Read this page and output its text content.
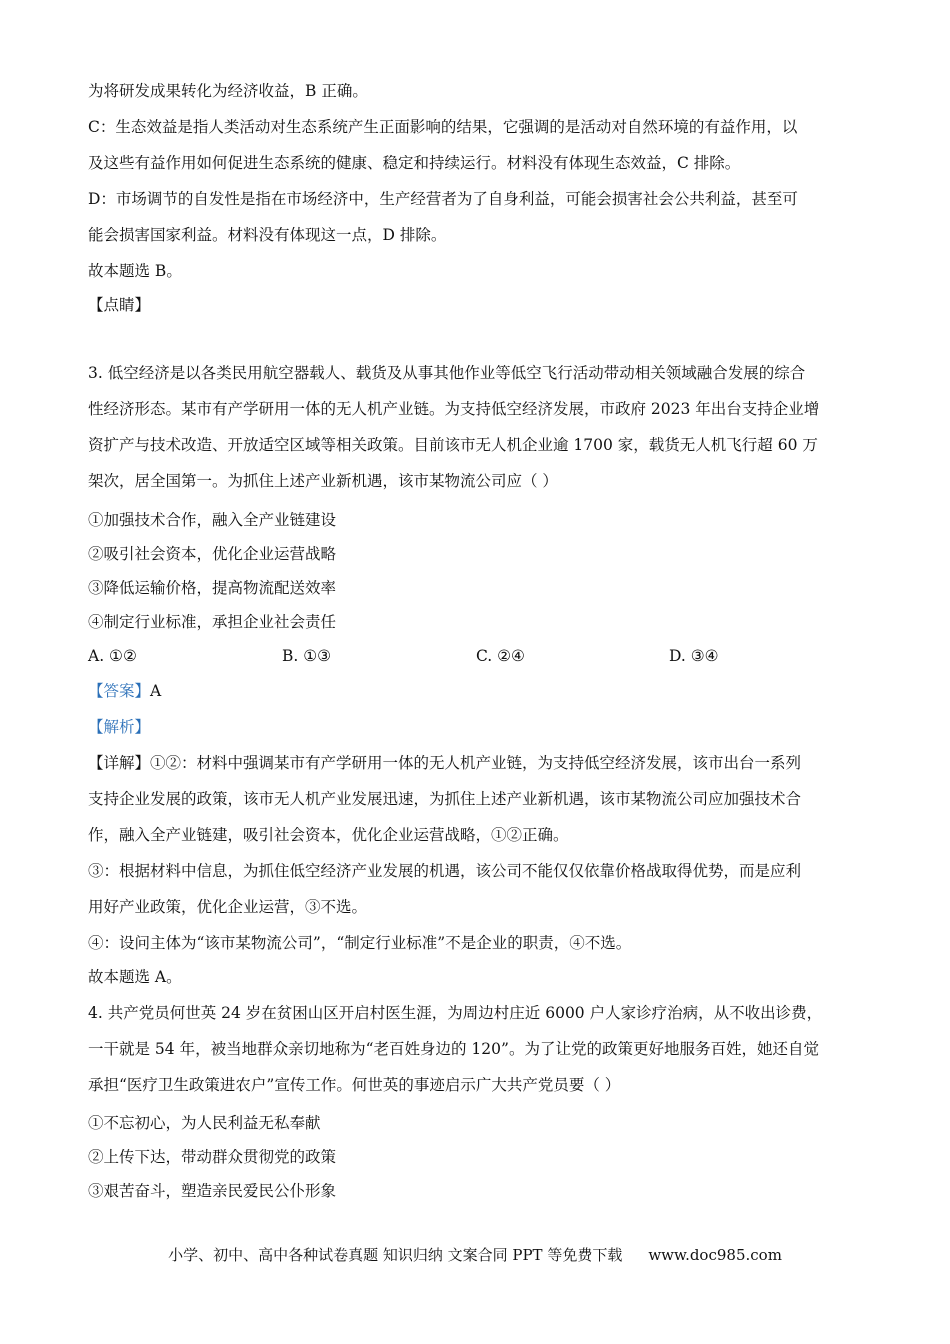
为将研发成果转化为经济收益，B 正确。
C：生态效益是指人类活动对生态系统产生正面影响的结果，它强调的是活动对自然环境的有益作用，以
及这些有益作用如何促进生态系统的健康、稳定和持续运行。材料没有体现生态效益，C 排除。
D：市场调节的自发性是指在市场经济中，生产经营者为了自身利益，可能会损害社会公共利益，甚至可
能会损害国家利益。材料没有体现这一点，D 排除。
故本题选 B。
【点睛】
3. 低空经济是以各类民用航空器载人、载货及从事其他作业等低空飞行活动带动相关领域融合发展的综合
性经济形态。某市有产学研用一体的无人机产业链。为支持低空经济发展，市政府 2023 年出台支持企业增
资扩产与技术改造、开放适空区域等相关政策。目前该市无人机企业逾 1700 家，载货无人机飞行超 60 万
架次，居全国第一。为抓住上述产业新机遇，该市某物流公司应（ ）
①加强技术合作，融入全产业链建设
②吸引社会资本，优化企业运营战略
③降低运输价格，提高物流配送效率
④制定行业标准，承担企业社会责任
A. ①②	B. ①③	C. ②④	D. ③④
【答案】A
【解析】
【详解】①②：材料中强调某市有产学研用一体的无人机产业链，为支持低空经济发展，该市出台一系列
支持企业发展的政策，该市无人机产业发展迅速，为抓住上述产业新机遇，该市某物流公司应加强技术合
作，融入全产业链建，吸引社会资本，优化企业运营战略，①②正确。
③：根据材料中信息，为抓住低空经济产业发展的机遇，该公司不能仅仅依靠价格战取得优势，而是应利
用好产业政策，优化企业运营，③不选。
④：设问主体为“该市某物流公司”，“制定行业标准”不是企业的职责，④不选。
故本题选 A。
4. 共产党员何世英 24 岁在贫困山区开启村医生涯，为周边村庄近 6000 户人家诊疗治病，从不收出诊费，
一干就是 54 年，被当地群众亲切地称为“老百姓身边的 120”。为了让党的政策更好地服务百姓，她还自觉
承担“医疗卫生政策进农户”宣传工作。何世英的事迹启示广大共产党员要（ ）
①不忘初心，为人民利益无私奉献
②上传下达，带动群众贯彻党的政策
③艰苦奋斗，塑造亲民爱民公仆形象
小学、初中、高中各种试卷真题 知识归纳 文案合同 PPT 等免费下载 www.doc985.com
